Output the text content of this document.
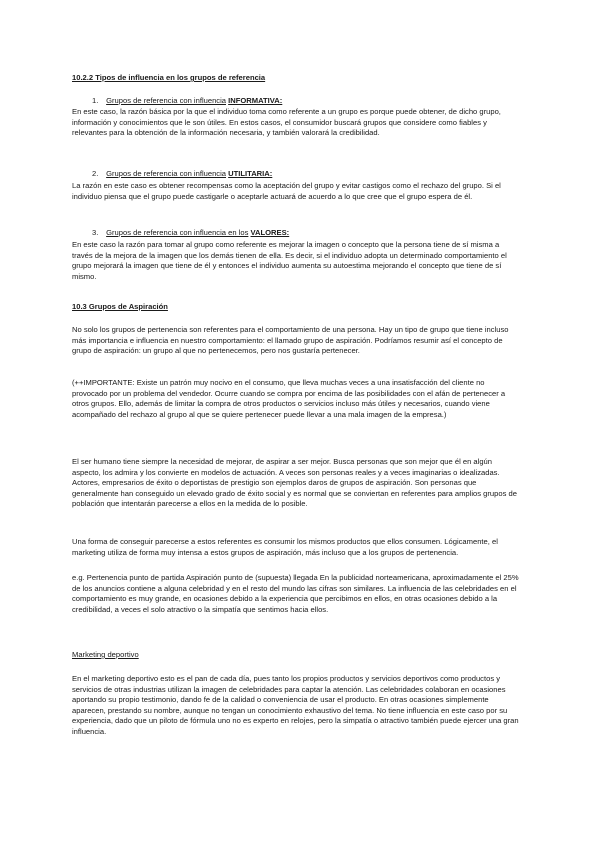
10.2.2 Tipos de influencia en los grupos de referencia
1. Grupos de referencia con influencia INFORMATIVA:

En este caso, la razón básica por la que el individuo toma como referente a un grupo es porque puede obtener, de dicho grupo, información y conocimientos que le son útiles. En estos casos, el consumidor buscará grupos que considere como fiables y relevantes para la obtención de la información necesaria, y también valorará la credibilidad.

2. Grupos de referencia con influencia UTILITARIA:

La razón en este caso es obtener recompensas como la aceptación del grupo y evitar castigos como el rechazo del grupo. Si el individuo piensa que el grupo puede castigarle o aceptarle actuará de acuerdo a lo que cree que el grupo espera de él.

3. Grupos de referencia con influencia en los VALORES:

En este caso la razón para tomar al grupo como referente es mejorar la imagen o concepto que la persona tiene de sí misma a través de la mejora de la imagen que los demás tienen de ella. Es decir, si el individuo adopta un determinado comportamiento el grupo mejorará la imagen que tiene de él y entonces el individuo aumenta su autoestima mejorando el concepto que tiene de sí mismo.

10.3 Grupos de Aspiración

No solo los grupos de pertenencia son referentes para el comportamiento de una persona. Hay un tipo de grupo que tiene incluso más importancia e influencia en nuestro comportamiento: el llamado grupo de aspiración. Podríamos resumir así el concepto de grupo de aspiración: un grupo al que no pertenecemos, pero nos gustaría pertenecer.

(++IMPORTANTE: Existe un patrón muy nocivo en el consumo, que lleva muchas veces a una insatisfacción del cliente no provocado por un problema del vendedor. Ocurre cuando se compra por encima de las posibilidades con el afán de pertenecer a otros grupos. Ello, además de limitar la compra de otros productos o servicios incluso más útiles y necesarios, cuando viene acompañado del rechazo al grupo al que se quiere pertenecer puede llevar a una mala imagen de la empresa.)

El ser humano tiene siempre la necesidad de mejorar, de aspirar a ser mejor. Busca personas que son mejor que él en algún aspecto, los admira y los convierte en modelos de actuación. A veces son personas reales y a veces imaginarias o idealizadas. Actores, empresarios de éxito o deportistas de prestigio son ejemplos daros de grupos de aspiración. Son personas que generalmente han conseguido un elevado grado de éxito social y es normal que se conviertan en referentes para amplios grupos de población que intentarán parecerse a ellos en la medida de lo posible.

Una forma de conseguir parecerse a estos referentes es consumir los mismos productos que ellos consumen. Lógicamente, el marketing utiliza de forma muy intensa a estos grupos de aspiración, más incluso que a los grupos de pertenencia.

e.g. Pertenencia punto de partida Aspiración punto de (supuesta) llegada En la publicidad norteamericana, aproximadamente el 25% de los anuncios contiene a alguna celebridad y en el resto del mundo las cifras son similares. La influencia de las celebridades en el comportamiento es muy grande, en ocasiones debido a la experiencia que percibimos en ellos, en otras ocasiones debido a la credibilidad, a veces el solo atractivo o la simpatía que sentimos hacia ellos.

Marketing deportivo

En el marketing deportivo esto es el pan de cada día, pues tanto los propios productos y servicios deportivos como productos y servicios de otras industrias utilizan la imagen de celebridades para captar la atención. Las celebridades colaboran en ocasiones aportando su propio testimonio, dando fe de la calidad o conveniencia de usar el producto. En otras ocasiones simplemente aparecen, prestando su nombre, aunque no tengan un conocimiento exhaustivo del tema. No tiene influencia en este caso por su experiencia, dado que un piloto de fórmula uno no es experto en relojes, pero la simpatía o atractivo también puede ejercer una gran influencia.
